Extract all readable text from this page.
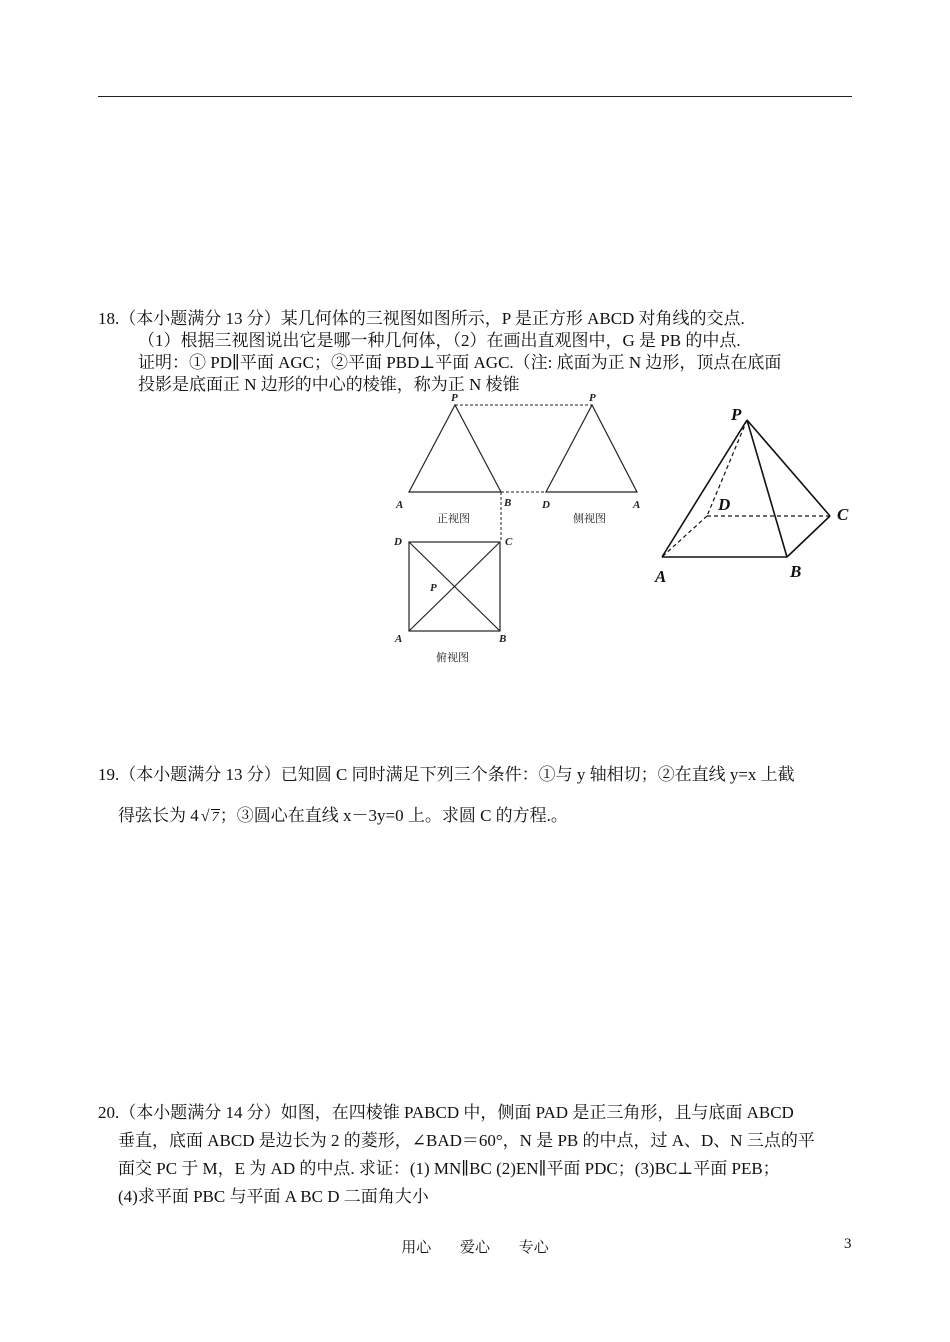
18.（本小题满分 13 分）某几何体的三视图如图所示，P 是正方形 ABCD 对角线的交点.
（1）根据三视图说出它是哪一种几何体，（2）在画出直观图中，G 是 PB 的中点.
证明：① PD∥平面 AGC；②平面 PBD⊥平面 AGC.（注: 底面为正 N 边形，顶点在底面
投影是底面正 N 边形的中心的棱锥，称为正 N 棱锥
P	P
A	B	D	A
正视图	侧视图
D	C
P
A	B
俯视图
P
D
C
A	B
19.（本小题满分 13 分）已知圆 C 同时满足下列三个条件：①与 y 轴相切；②在直线 y=x 上截
得弦长为 4√ 7；③圆心在直线 x－3y=0 上。求圆 C 的方程.。
20.（本小题满分 14 分）如图，在四棱锥 PABCD 中，侧面 PAD 是正三角形，且与底面 ABCD
垂直，底面 ABCD 是边长为 2 的菱形，∠BAD＝60°，N 是 PB 的中点，过 A、D、N 三点的平
面交 PC 于 M，E 为 AD 的中点. 求证：(1) MN∥BC (2)EN∥平面 PDC；(3)BC⊥平面 PEB；
(4)求平面 PBC 与平面 A BC D 二面角大小
用心 爱心 专心	3
